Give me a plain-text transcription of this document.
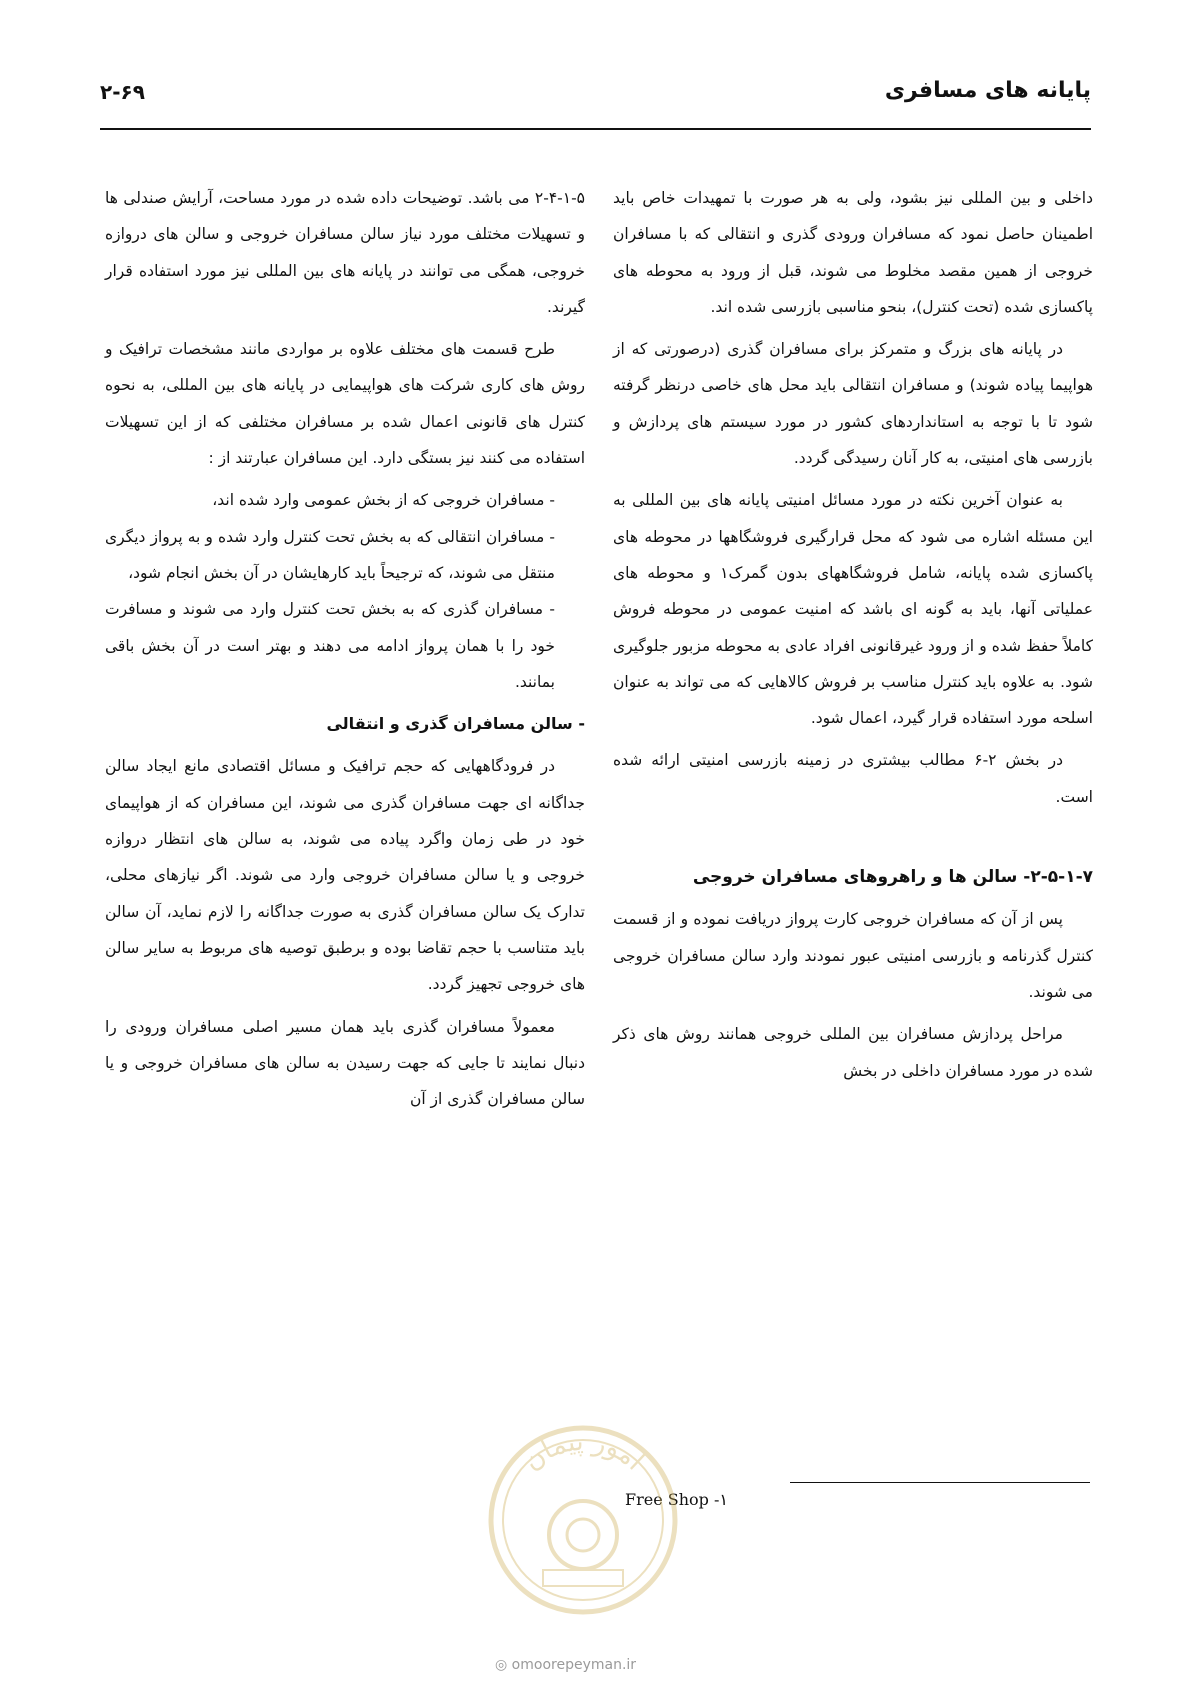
پایانه های مسافری
۲-۶۹

داخلی و بین المللی نیز بشود، ولی به هر صورت با تمهیدات خاص باید اطمینان حاصل نمود که مسافران ورودی گذری و انتقالی که با مسافران خروجی از همین مقصد مخلوط می شوند، قبل از ورود به محوطه های پاکسازی شده (تحت کنترل)، بنحو مناسبی بازرسی شده اند.

در پایانه های بزرگ و متمرکز برای مسافران گذری (درصورتی که از هواپیما پیاده شوند) و مسافران انتقالی باید محل های خاصی درنظر گرفته شود تا با توجه به استانداردهای کشور در مورد سیستم های پردازش و بازرسی های امنیتی، به کار آنان رسیدگی گردد.

به عنوان آخرین نکته در مورد مسائل امنیتی پایانه های بین المللی به این مسئله اشاره می شود که محل قرارگیری فروشگاهها در محوطه های پاکسازی شده پایانه، شامل فروشگاههای بدون گمرک۱ و محوطه های عملیاتی آنها، باید به گونه ای باشد که امنیت عمومی در محوطه فروش کاملاً حفظ شده و از ورود غیرقانونی افراد عادی به محوطه مزبور جلوگیری شود. به علاوه باید کنترل مناسب بر فروش کالاهایی که می تواند به عنوان اسلحه مورد استفاده قرار گیرد، اعمال شود.

در بخش ۲-۶ مطالب بیشتری در زمینه بازرسی امنیتی ارائه شده است.

۲-۵-۱-۷- سالن ها و راهروهای مسافران خروجی

پس از آن که مسافران خروجی کارت پرواز دریافت نموده و از قسمت کنترل گذرنامه و بازرسی امنیتی عبور نمودند وارد سالن مسافران خروجی می شوند.

مراحل پردازش مسافران بین المللی خروجی همانند روش های ذکر شده در مورد مسافران داخلی در بخش

۲-۴-۱-۵ می باشد. توضیحات داده شده در مورد مساحت، آرایش صندلی ها و تسهیلات مختلف مورد نیاز سالن مسافران خروجی و سالن های دروازه خروجی، همگی می توانند در پایانه های بین المللی نیز مورد استفاده قرار گیرند.

طرح قسمت های مختلف علاوه بر مواردی مانند مشخصات ترافیک و روش های کاری شرکت های هواپیمایی در پایانه های بین المللی، به نحوه کنترل های قانونی اعمال شده بر مسافران مختلفی که از این تسهیلات استفاده می کنند نیز بستگی دارد. این مسافران عبارتند از :

- مسافران خروجی که از بخش عمومی وارد شده اند،

- مسافران انتقالی که به بخش تحت کنترل وارد شده و به پرواز دیگری منتقل می شوند، که ترجیحاً باید کارهایشان در آن بخش انجام شود،

- مسافران گذری که به بخش تحت کنترل وارد می شوند و مسافرت خود را با همان پرواز ادامه می دهند و بهتر است در آن بخش باقی بمانند.

- سالن مسافران گذری و انتقالی

در فرودگاههایی که حجم ترافیک و مسائل اقتصادی مانع ایجاد سالن جداگانه ای جهت مسافران گذری می شوند، این مسافران که از هواپیمای خود در طی زمان واگرد پیاده می شوند، به سالن های انتظار دروازه خروجی و یا سالن مسافران خروجی وارد می شوند. اگر نیازهای محلی، تدارک یک سالن مسافران گذری به صورت جداگانه را لازم نماید، آن سالن باید متناسب با حجم تقاضا بوده و برطبق توصیه های مربوط به سایر سالن های خروجی تجهیز گردد.

معمولاً مسافران گذری باید همان مسیر اصلی مسافران ورودی را دنبال نمایند تا جایی که جهت رسیدن به سالن های مسافران خروجی و یا سالن مسافران گذری از آن

۱- Free Shop
امور پیمان
◎ omoorepeyman.ir
